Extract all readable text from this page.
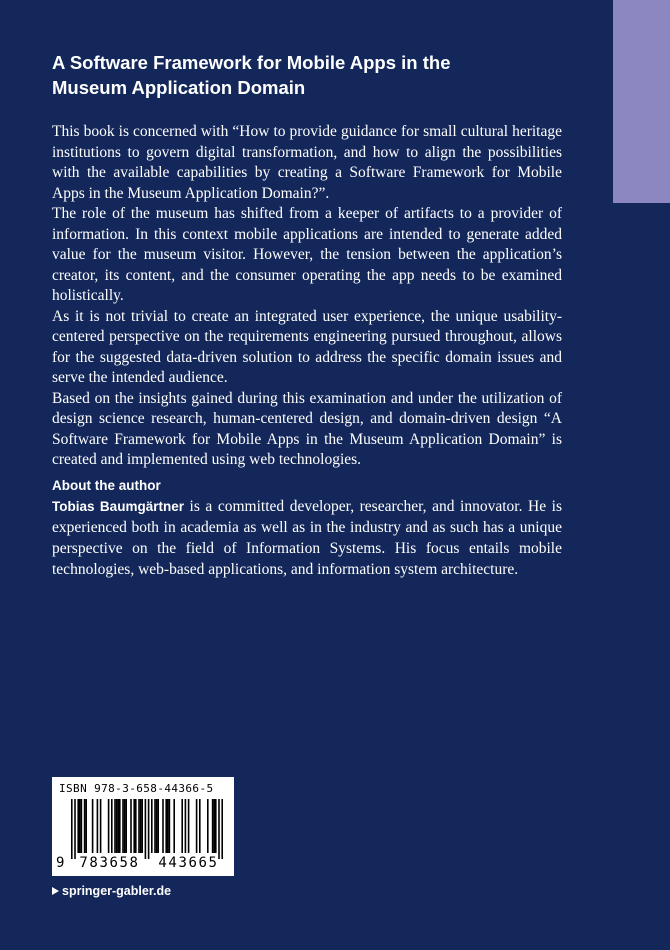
A Software Framework for Mobile Apps in the
Museum Application Domain

This book is concerned with “How to provide guidance for small cultural heritage institutions to govern digital transformation, and how to align the possibilities with the available capabilities by creating a Software Framework for Mobile Apps in the Museum Application Domain?”.

The role of the museum has shifted from a keeper of artifacts to a provider of information. In this context mobile applications are intended to generate added value for the museum visitor. However, the tension between the application’s creator, its content, and the consumer operating the app needs to be examined holistically.

As it is not trivial to create an integrated user experience, the unique usability-centered perspective on the requirements engineering pursued throughout, allows for the suggested data-driven solution to address the specific domain issues and serve the intended audience.

Based on the insights gained during this examination and under the utilization of design science research, human-centered design, and domain-driven design “A Software Framework for Mobile Apps in the Museum Application Domain” is created and implemented using web technologies.

About the author

Tobias Baumgärtner is a committed developer, researcher, and innovator. He is experienced both in academia as well as in the industry and as such has a unique perspective on the field of Information Systems. His focus entails mobile technologies, web-based applications, and information system architecture.

ISBN 978-3-658-44366-5
9	783658	443665
springer-gabler.de
